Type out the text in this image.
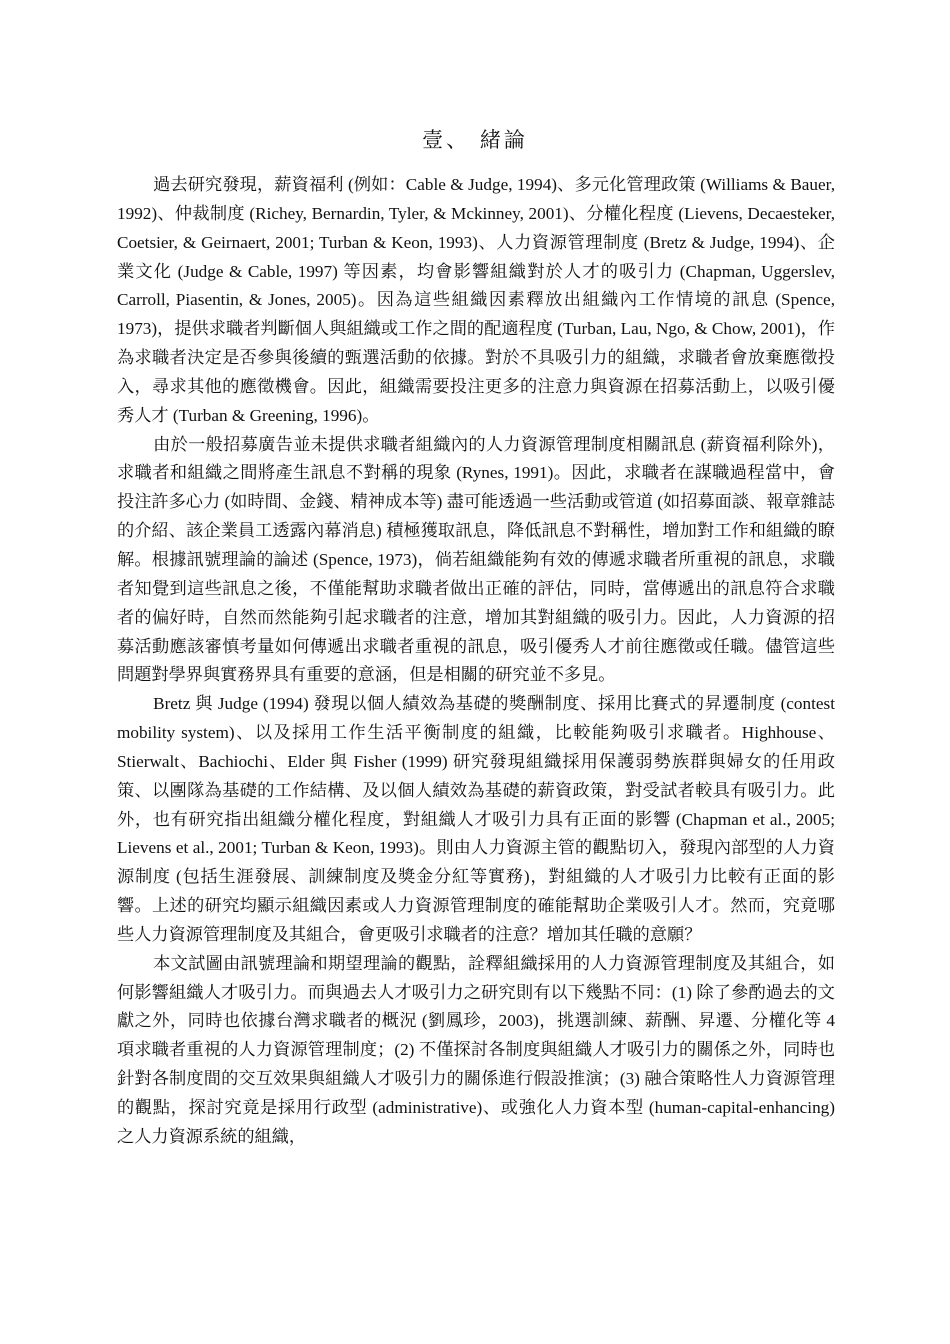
壹、 緒論

過去研究發現，薪資福利 (例如：Cable & Judge, 1994)、多元化管理政策 (Williams & Bauer, 1992)、仲裁制度 (Richey, Bernardin, Tyler, & Mckinney, 2001)、分權化程度 (Lievens, Decaesteker, Coetsier, & Geirnaert, 2001; Turban & Keon, 1993)、人力資源管理制度 (Bretz & Judge, 1994)、企業文化 (Judge & Cable, 1997) 等因素，均會影響組織對於人才的吸引力 (Chapman, Uggerslev, Carroll, Piasentin, & Jones, 2005)。因為這些組織因素釋放出組織內工作情境的訊息 (Spence, 1973)，提供求職者判斷個人與組織或工作之間的配適程度 (Turban, Lau, Ngo, & Chow, 2001)，作為求職者決定是否參與後續的甄選活動的依據。對於不具吸引力的組織，求職者會放棄應徵投入，尋求其他的應徵機會。因此，組織需要投注更多的注意力與資源在招募活動上，以吸引優秀人才 (Turban & Greening, 1996)。

由於一般招募廣告並未提供求職者組織內的人力資源管理制度相關訊息 (薪資福利除外)，求職者和組織之間將產生訊息不對稱的現象 (Rynes, 1991)。因此，求職者在謀職過程當中，會投注許多心力 (如時間、金錢、精神成本等) 盡可能透過一些活動或管道 (如招募面談、報章雜誌的介紹、該企業員工透露內幕消息) 積極獲取訊息，降低訊息不對稱性，增加對工作和組織的瞭解。根據訊號理論的論述 (Spence, 1973)，倘若組織能夠有效的傳遞求職者所重視的訊息，求職者知覺到這些訊息之後，不僅能幫助求職者做出正確的評估，同時，當傳遞出的訊息符合求職者的偏好時，自然而然能夠引起求職者的注意，增加其對組織的吸引力。因此，人力資源的招募活動應該審慎考量如何傳遞出求職者重視的訊息，吸引優秀人才前往應徵或任職。儘管這些問題對學界與實務界具有重要的意涵，但是相關的研究並不多見。

Bretz 與 Judge (1994) 發現以個人績效為基礎的獎酬制度、採用比賽式的昇遷制度 (contest mobility system)、以及採用工作生活平衡制度的組織，比較能夠吸引求職者。Highhouse、Stierwalt、Bachiochi、Elder 與 Fisher (1999) 研究發現組織採用保護弱勢族群與婦女的任用政策、以團隊為基礎的工作結構、及以個人績效為基礎的薪資政策，對受試者較具有吸引力。此外，也有研究指出組織分權化程度，對組織人才吸引力具有正面的影響 (Chapman et al., 2005; Lievens et al., 2001; Turban & Keon, 1993)。則由人力資源主管的觀點切入，發現內部型的人力資源制度 (包括生涯發展、訓練制度及獎金分紅等實務)，對組織的人才吸引力比較有正面的影響。上述的研究均顯示組織因素或人力資源管理制度的確能幫助企業吸引人才。然而，究竟哪些人力資源管理制度及其組合，會更吸引求職者的注意？增加其任職的意願？

本文試圖由訊號理論和期望理論的觀點，詮釋組織採用的人力資源管理制度及其組合，如何影響組織人才吸引力。而與過去人才吸引力之研究則有以下幾點不同：(1) 除了參酌過去的文獻之外，同時也依據台灣求職者的概況 (劉鳳珍，2003)，挑選訓練、薪酬、昇遷、分權化等 4 項求職者重視的人力資源管理制度；(2) 不僅探討各制度與組織人才吸引力的關係之外，同時也針對各制度間的交互效果與組織人才吸引力的關係進行假設推演；(3) 融合策略性人力資源管理的觀點，探討究竟是採用行政型 (administrative)、或強化人力資本型 (human-capital-enhancing) 之人力資源系統的組織，
